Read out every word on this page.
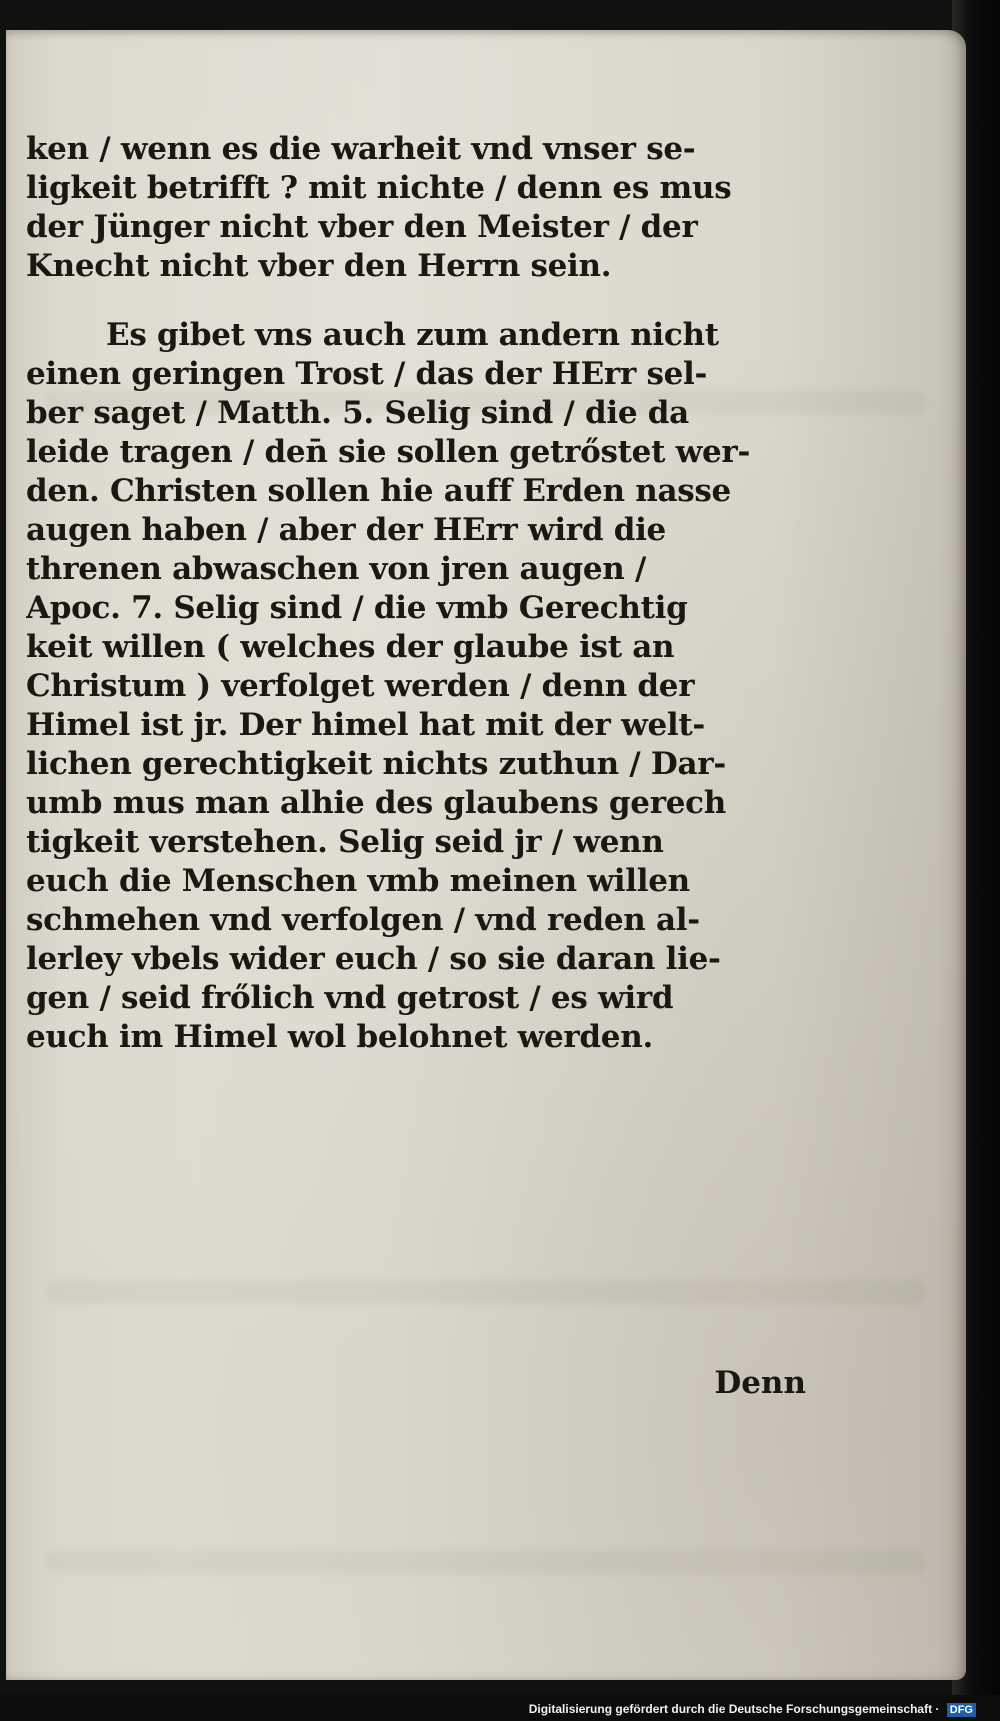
ken / wenn es die warheit vnd vnser se-
ligkeit betrifft ? mit nichte / denn es mus
der Jünger nicht vber den Meister / der
Knecht nicht vber den Herrn sein.
Es gibet vns auch zum andern nicht
einen geringen Trost / das der HErr sel-
ber saget / Matth. 5. Selig sind / die da
leide tragen / den̄ sie sollen getrőstet wer-
den. Christen sollen hie auff Erden nasse
augen haben / aber der HErr wird die
threnen abwaschen von jren augen /
Apoc. 7. Selig sind / die vmb Gerechtig
keit willen ( welches der glaube ist an
Christum ) verfolget werden / denn der
Himel ist jr. Der himel hat mit der welt-
lichen gerechtigkeit nichts zuthun / Dar-
umb mus man alhie des glaubens gerech
tigkeit verstehen. Selig seid jr / wenn
euch die Menschen vmb meinen willen
schmehen vnd verfolgen / vnd reden al-
lerley vbels wider euch / so sie daran lie-
gen / seid frőlich vnd getrost / es wird
euch im Himel wol belohnet werden.
Denn
Digitalisierung gefördert durch die Deutsche Forschungsgemeinschaft · DFG
